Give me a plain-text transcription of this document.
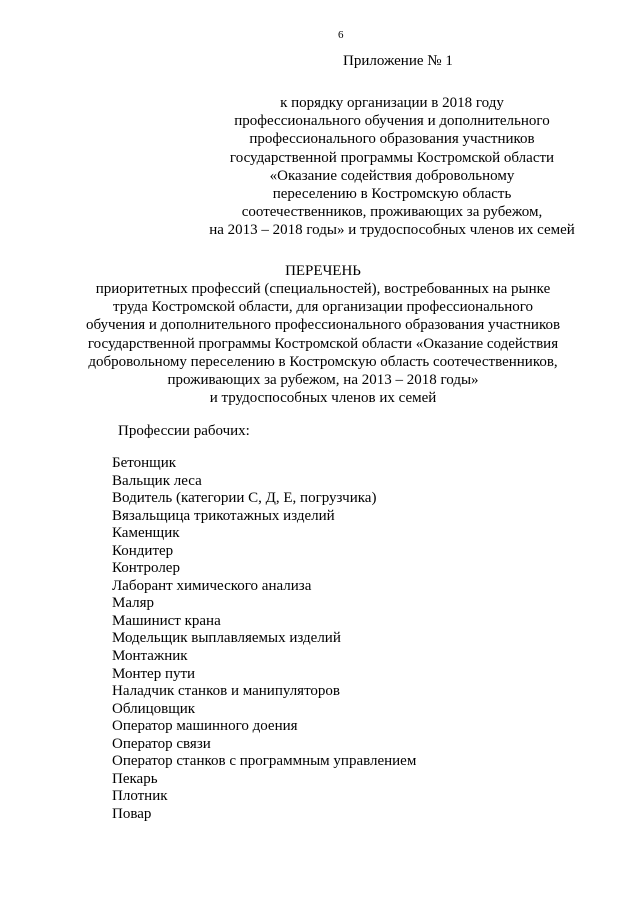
6
Приложение № 1
к порядку организации в 2018 году
профессионального обучения и дополнительного
профессионального образования участников
государственной программы Костромской области
«Оказание содействия добровольному
переселению в Костромскую область
соотечественников, проживающих за рубежом,
на 2013 – 2018 годы» и трудоспособных членов их семей
ПЕРЕЧЕНЬ
приоритетных профессий (специальностей), востребованных на рынке
труда Костромской области, для организации профессионального
обучения и дополнительного профессионального образования участников
государственной программы Костромской области «Оказание содействия
добровольному переселению в Костромскую область соотечественников,
проживающих за рубежом, на 2013 – 2018 годы»
и трудоспособных членов их семей
Профессии рабочих:
Бетонщик
Вальщик леса
Водитель (категории С, Д, Е, погрузчика)
Вязальщица трикотажных изделий
Каменщик
Кондитер
Контролер
Лаборант химического анализа
Маляр
Машинист крана
Модельщик выплавляемых изделий
Монтажник
Монтер пути
Наладчик станков и манипуляторов
Облицовщик
Оператор машинного доения
Оператор связи
Оператор станков с программным управлением
Пекарь
Плотник
Повар
